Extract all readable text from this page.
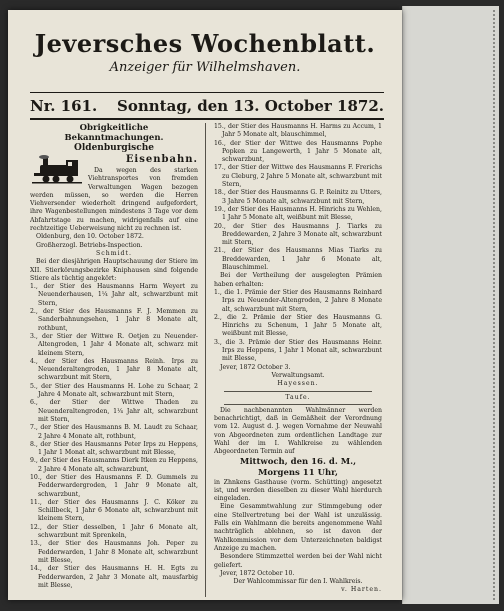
Jeversches Wochenblatt.
Anzeiger für Wilhelmshaven.
Nr. 161. Sonntag, den 13. October 1872.

Obrigkeitliche Bekanntmachungen.

Oldenburgische

Eisenbahn.

Da wegen des starken Viehtransportes von fremden Verwaltungen Wagen bezogen werden müssen, so werden die Herren Viehversender wiederholt dringend aufgefordert, ihre Wagenbestellungen mindestens 3 Tage vor dem Abfahrtstage zu machen, widrigenfalls auf eine rechtzeitige Ueberweisung nicht zu rechnen ist.

Oldenburg, den 10. October 1872.

Großherzogl. Betriebs-Inspection.

Schmidt.

Bei der diesjährigen Hauptschauung der Stiere im XII. Stierkörungsbezirke Kniphausen sind folgende Stiere als tüchtig angekört:

1., der Stier des Hausmanns Harm Weyert zu Neuenderhausen, 1¼ Jahr alt, schwarzbunt mit Stern,

2., der Stier des Hausmanns F. J. Memmen zu Sanderbahnungsehen, 1 Jahr 8 Monate alt, rothbunt,

3., der Stier der Wittwe R. Oetjen zu Neuender-Altengroden, 1 Jahr 4 Monate alt, schwarz mit kleinem Stern,

4., der Stier des Hausmanns Reinh. Irps zu Neuenderaltengroden, 1 Jahr 8 Monate alt, schwarzbunt mit Stern,

5., der Stier des Hausmanns H. Lohe zu Schaar, 2 Jahre 4 Monate alt, schwarzbunt mit Stern,

6., der Stier der Wittwe Thaden zu Neuenderaltengroden, 1¼ Jahr alt, schwarzbunt mit Stern,

7., der Stier des Hausmanns B. M. Laudt zu Schaar, 2 Jahre 4 Monate alt, rothbunt,

8., der Stier des Hausmanns Peter Irps zu Heppens, 1 Jahr 1 Monat alt, schwarzbunt mit Blesse,

9., der Stier des Hausmanns Dierk Itken zu Heppens, 2 Jahre 4 Monate alt, schwarzbunt,

10., der Stier des Hausmanns F. D. Gummels zu Fedderwardergroden, 1 Jahr 9 Monate alt, schwarzbunt,

11., der Stier des Hausmanns J. C. Köker zu Schillbeck, 1 Jahr 6 Monate alt, schwarzbunt mit kleinem Stern,

12., der Stier desselben, 1 Jahr 6 Monate alt, schwarzbunt mit Sprenkeln,

13., der Stier des Hausmanns Joh. Peper zu Fedderwarden, 1 Jahr 8 Monate alt, schwarzbunt mit Blesse,

14., der Stier des Hausmanns H. H. Egts zu Fedderwarden, 2 Jahr 3 Monate alt, mausfarbig mit Blesse,

15., der Stier des Hausmanns H. Harms zu Accum, 1 Jahr 5 Monate alt, blauschimmel,

16., der Stier der Wittwe des Hausmanns Pophe Popken zu Langewerth, 1 Jahr 5 Monate alt, schwarzbunt,

17., der Stier der Wittwe des Hausmanns F. Frerichs zu Cleburg, 2 Jahre 5 Monate alt, schwarzbunt mit Stern,

18., der Stier des Hausmanns G. P. Reinitz zu Utters, 3 Jahre 5 Monate alt, schwarzbunt mit Stern,

19., der Stier des Hausmanns H. Hinrichs zu Wehlen, 1 Jahr 5 Monate alt, weißbunt mit Blesse,

20., der Stier des Hausmanns J. Tiarks zu Breddewarden, 2 Jahre 3 Monate alt, schwarzbunt mit Stern,

21., der Stier des Hausmanns Mias Tiarks zu Breddewarden, 1 Jahr 6 Monate alt, Blauschimmel.

Bei der Vertheilung der ausgelegten Prämien haben erhalten:

1., die 1. Prämie der Stier des Hausmanns Reinhard Irps zu Neuender-Altengroden, 2 Jahre 8 Monate alt, schwarzbunt mit Stern,

2., die 2. Prämie der Stier des Hausmanns G. Hinrichs zu Schenum, 1 Jahr 5 Monate alt, weißbunt mit Blesse,

3., die 3. Prämie der Stier des Hausmanns Heinr. Irps zu Heppens, 1 Jahr 1 Monat alt, schwarzbunt mit Blesse,

Jever, 1872 October 3.

Verwaltungsamt.

Hayessen.

Taufe.

Die nachbenannten Wahlmänner werden benachrichtigt, daß in Gemäßheit der Verordnung vom 12. August d. J. wegen Vornahme der Neuwahl von Abgeordneten zum ordentlichen Landtage zur Wahl der im I. Wahlkreise zu wählenden Abgeordneten Termin auf

Mittwoch, den 16. d. M.,

Morgens 11 Uhr,

in Zhnkens Gasthause (vorm. Schütting) angesetzt ist, und werden dieselben zu dieser Wahl hierdurch eingeladen.

Eine Gesammtwahlung zur Stimmgebung oder eine Stellvertretung bei der Wahl ist unzulässig. Falls ein Wahlmann die bereits angenommene Wahl nachträglich ablehnen, so ist davon der Wahlkommission vor dem Unterzeichneten baldigst Anzeige zu machen.

Besondere Stimmzettel werden bei der Wahl nicht geliefert.

Jever, 1872 October 10.

Der Wahlcommissar für den I. Wahlkreis.

v. Harten.
